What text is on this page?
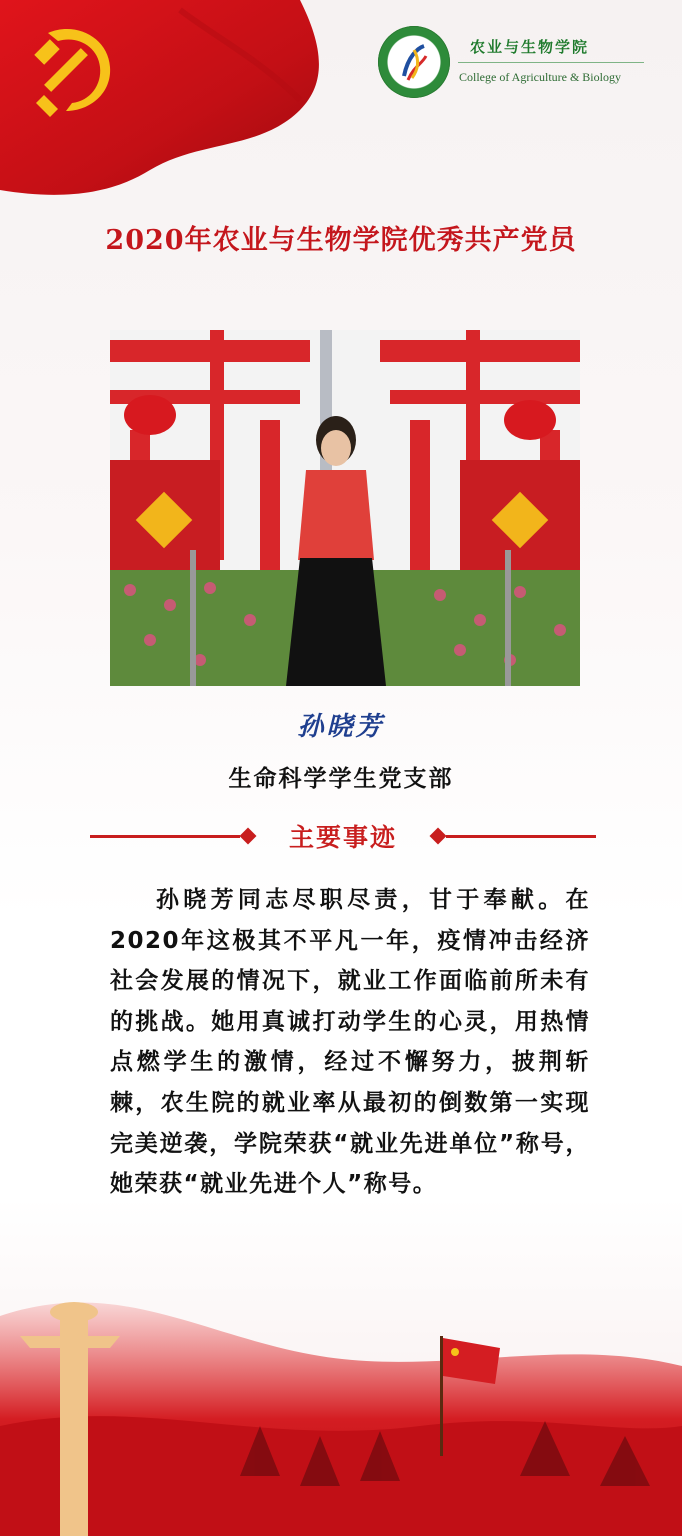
农业与生物学院
College of Agriculture & Biology
2020年农业与生物学院优秀共产党员
孙晓芳
生命科学学生党支部
主要事迹
孙晓芳同志尽职尽责，甘于奉献。在2020年这极其不平凡一年，疫情冲击经济社会发展的情况下，就业工作面临前所未有的挑战。她用真诚打动学生的心灵，用热情点燃学生的激情，经过不懈努力，披荆斩棘，农生院的就业率从最初的倒数第一实现完美逆袭，学院荣获“就业先进单位”称号，她荣获“就业先进个人”称号。
